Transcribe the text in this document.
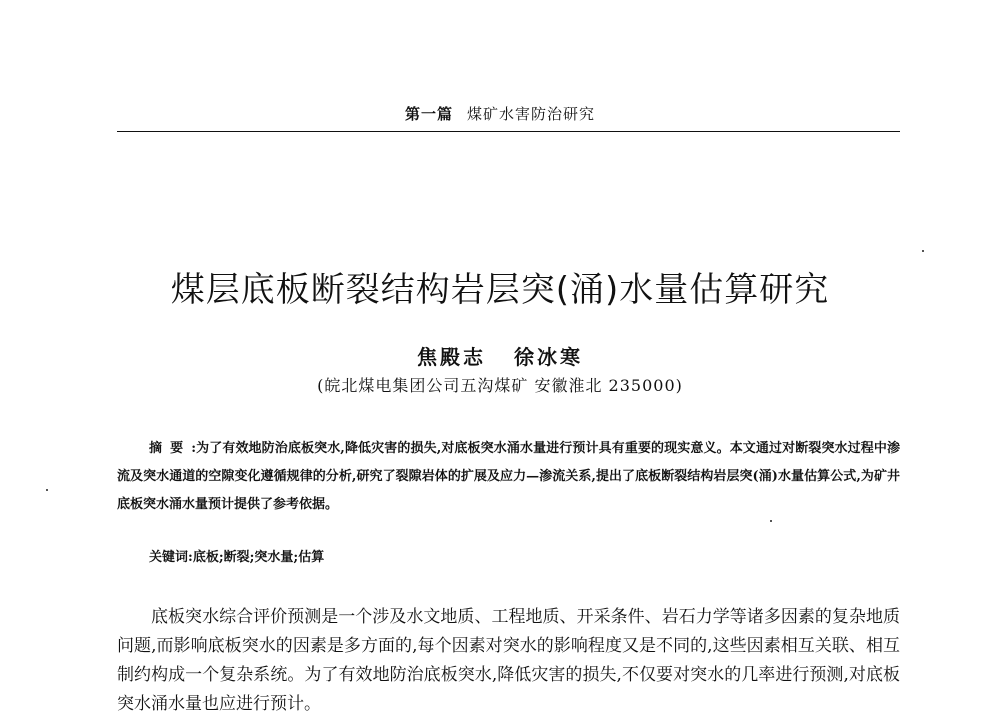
第一篇 煤矿水害防治研究
煤层底板断裂结构岩层突(涌)水量估算研究
焦殿志 徐冰寒
(皖北煤电集团公司五沟煤矿 安徽淮北 235000)
摘要:为了有效地防治底板突水,降低灾害的损失,对底板突水涌水量进行预计具有重要的现实意义。本文通过对断裂突水过程中渗流及突水通道的空隙变化遵循规律的分析,研究了裂隙岩体的扩展及应力—渗流关系,提出了底板断裂结构岩层突(涌)水量估算公式,为矿井底板突水涌水量预计提供了参考依据。
关键词:底板;断裂;突水量;估算
底板突水综合评价预测是一个涉及水文地质、工程地质、开采条件、岩石力学等诸多因素的复杂地质问题,而影响底板突水的因素是多方面的,每个因素对突水的影响程度又是不同的,这些因素相互关联、相互制约构成一个复杂系统。为了有效地防治底板突水,降低灾害的损失,不仅要对突水的几率进行预测,对底板突水涌水量也应进行预计。
